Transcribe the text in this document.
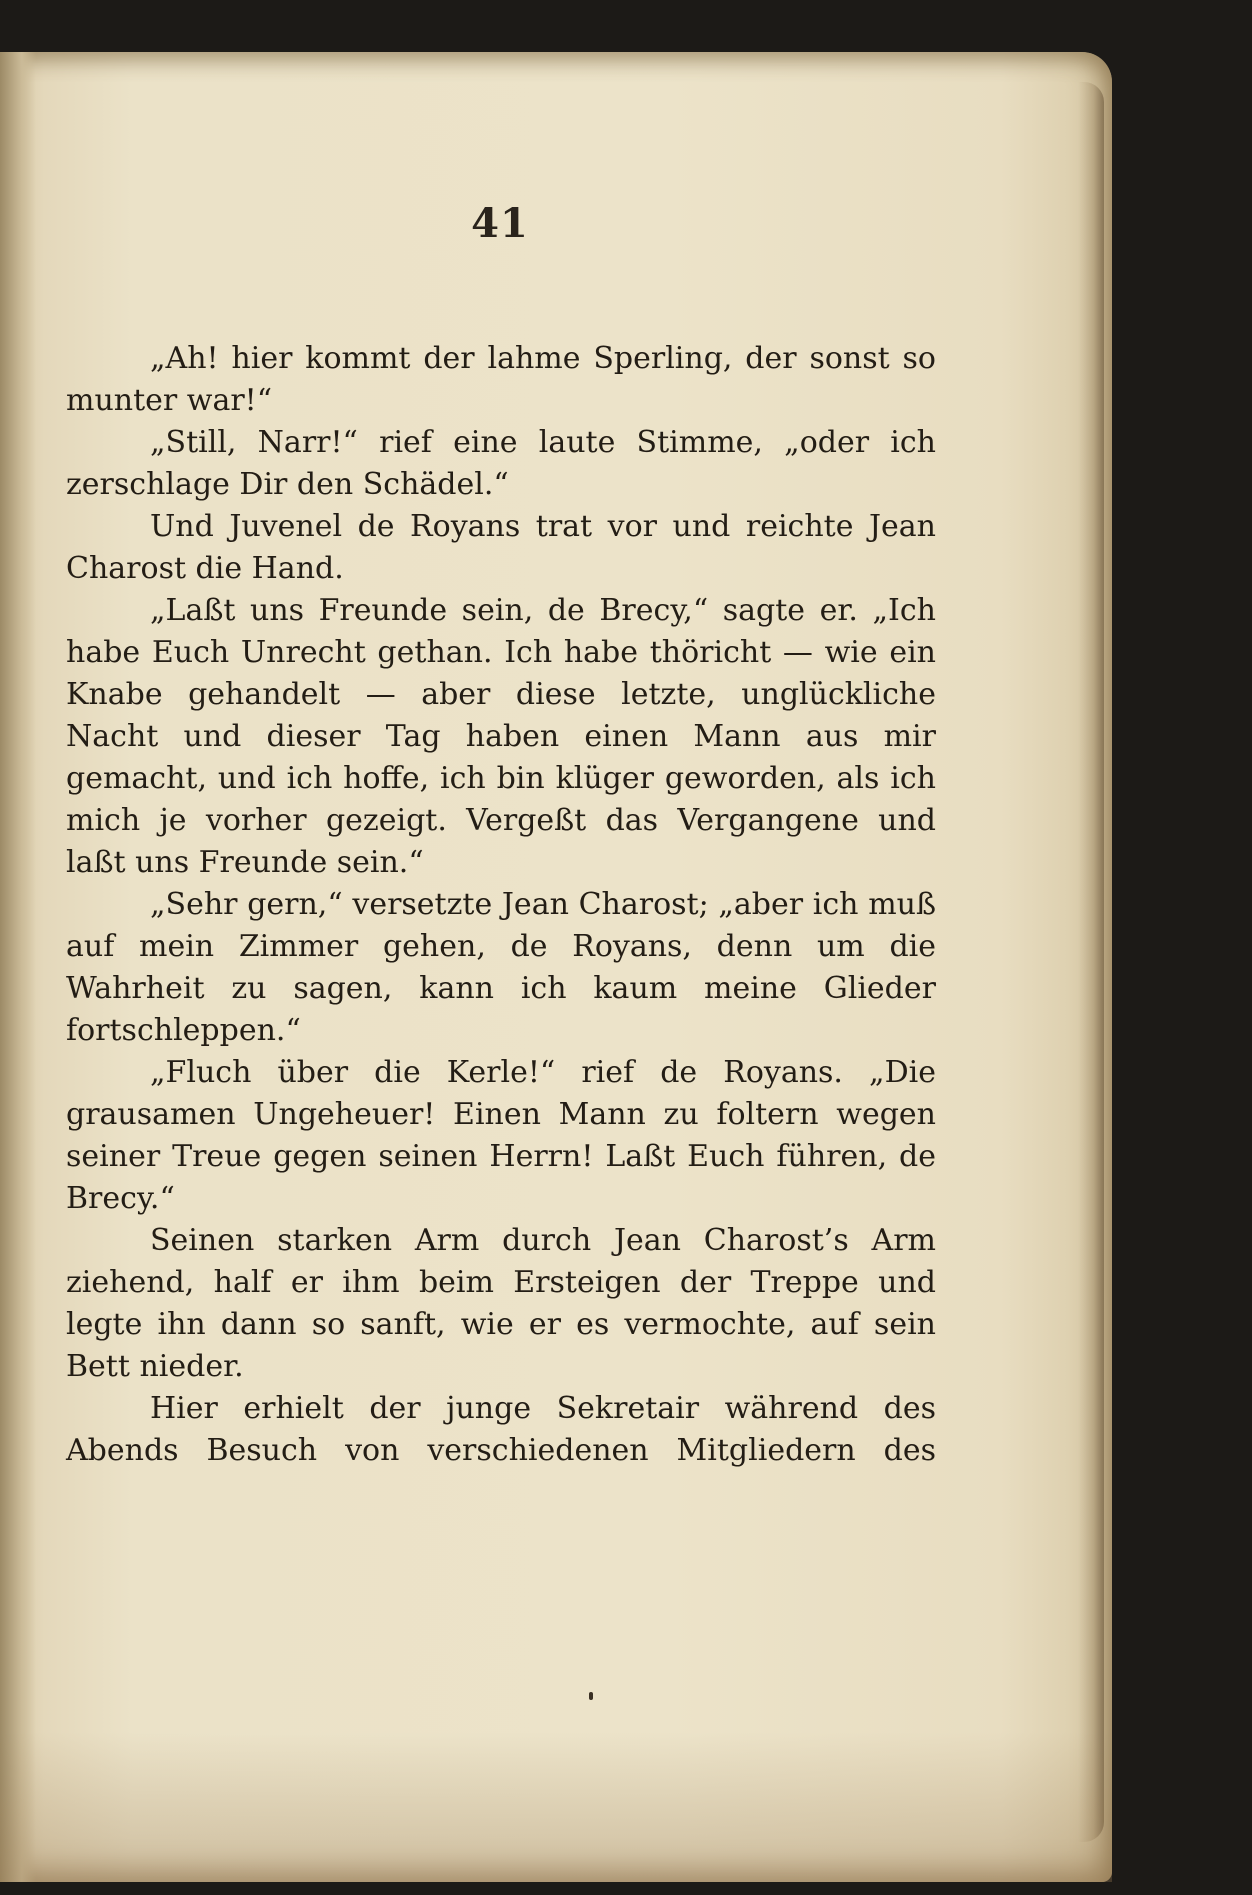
41

„Ah! hier kommt der lahme Sperling, der sonst so munter war!“

„Still, Narr!“ rief eine laute Stimme, „oder ich zerschlage Dir den Schädel.“

Und Juvenel de Royans trat vor und reichte Jean Charost die Hand.

„Laßt uns Freunde sein, de Brecy,“ sagte er. „Ich habe Euch Unrecht gethan. Ich habe thöricht — wie ein Knabe gehandelt — aber diese letzte, unglückliche Nacht und dieser Tag haben einen Mann aus mir gemacht, und ich hoffe, ich bin klüger geworden, als ich mich je vorher gezeigt. Vergeßt das Vergangene und laßt uns Freunde sein.“

„Sehr gern,“ versetzte Jean Charost; „aber ich muß auf mein Zimmer gehen, de Royans, denn um die Wahrheit zu sagen, kann ich kaum meine Glieder fortschleppen.“

„Fluch über die Kerle!“ rief de Royans. „Die grausamen Ungeheuer! Einen Mann zu foltern wegen seiner Treue gegen seinen Herrn! Laßt Euch führen, de Brecy.“

Seinen starken Arm durch Jean Charost’s Arm ziehend, half er ihm beim Ersteigen der Treppe und legte ihn dann so sanft, wie er es vermochte, auf sein Bett nieder.

Hier erhielt der junge Sekretair während des Abends Besuch von verschiedenen Mitgliedern des
